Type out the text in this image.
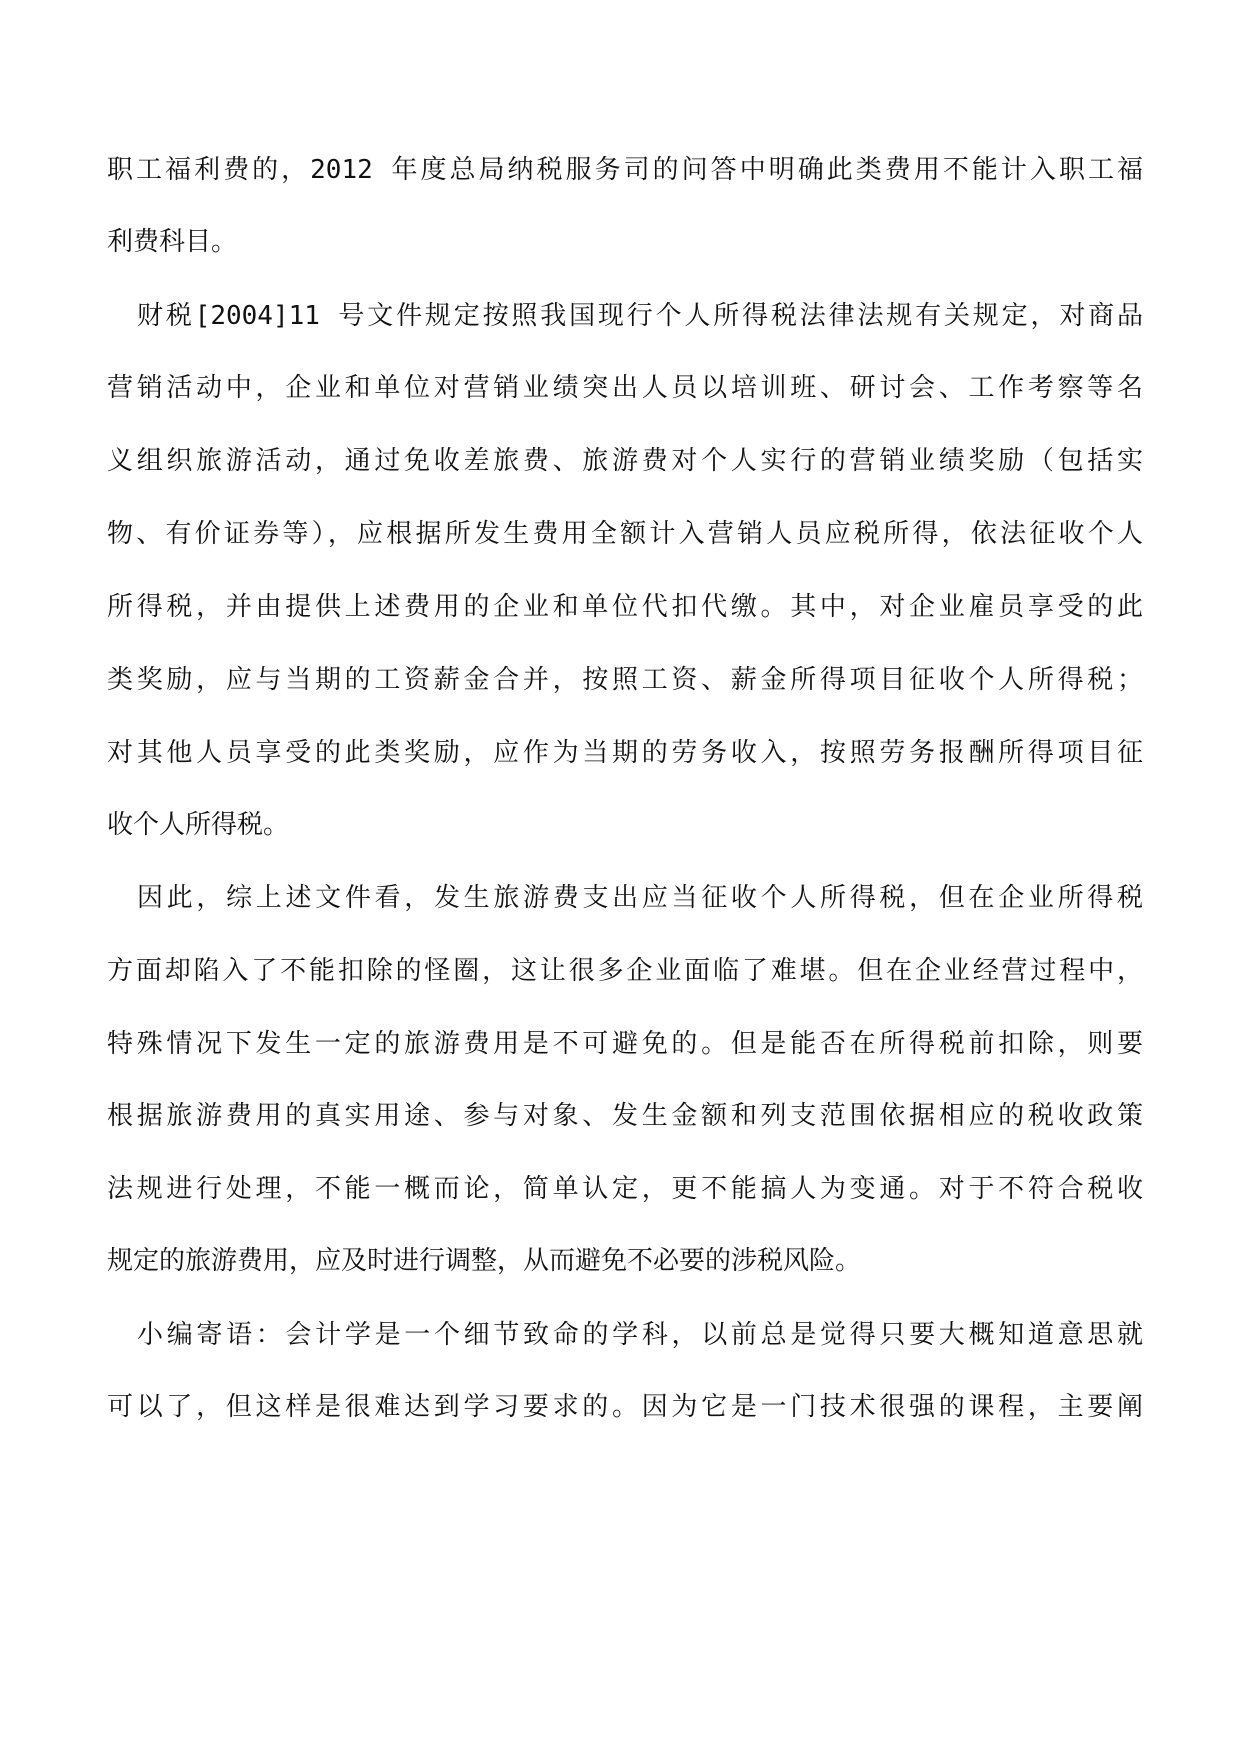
职工福利费的，2012 年度总局纳税服务司的问答中明确此类费用不能计入职工福
利费科目。
财税[2004]11 号文件规定按照我国现行个人所得税法律法规有关规定，对商品
营销活动中，企业和单位对营销业绩突出人员以培训班、研讨会、工作考察等名
义组织旅游活动，通过免收差旅费、旅游费对个人实行的营销业绩奖励（包括实
物、有价证券等），应根据所发生费用全额计入营销人员应税所得，依法征收个人
所得税，并由提供上述费用的企业和单位代扣代缴。其中，对企业雇员享受的此
类奖励，应与当期的工资薪金合并，按照工资、薪金所得项目征收个人所得税；
对其他人员享受的此类奖励，应作为当期的劳务收入，按照劳务报酬所得项目征
收个人所得税。
因此，综上述文件看，发生旅游费支出应当征收个人所得税，但在企业所得税
方面却陷入了不能扣除的怪圈，这让很多企业面临了难堪。但在企业经营过程中，
特殊情况下发生一定的旅游费用是不可避免的。但是能否在所得税前扣除，则要
根据旅游费用的真实用途、参与对象、发生金额和列支范围依据相应的税收政策
法规进行处理，不能一概而论，简单认定，更不能搞人为变通。对于不符合税收
规定的旅游费用，应及时进行调整，从而避免不必要的涉税风险。
小编寄语：会计学是一个细节致命的学科，以前总是觉得只要大概知道意思就
可以了，但这样是很难达到学习要求的。因为它是一门技术很强的课程，主要阐
